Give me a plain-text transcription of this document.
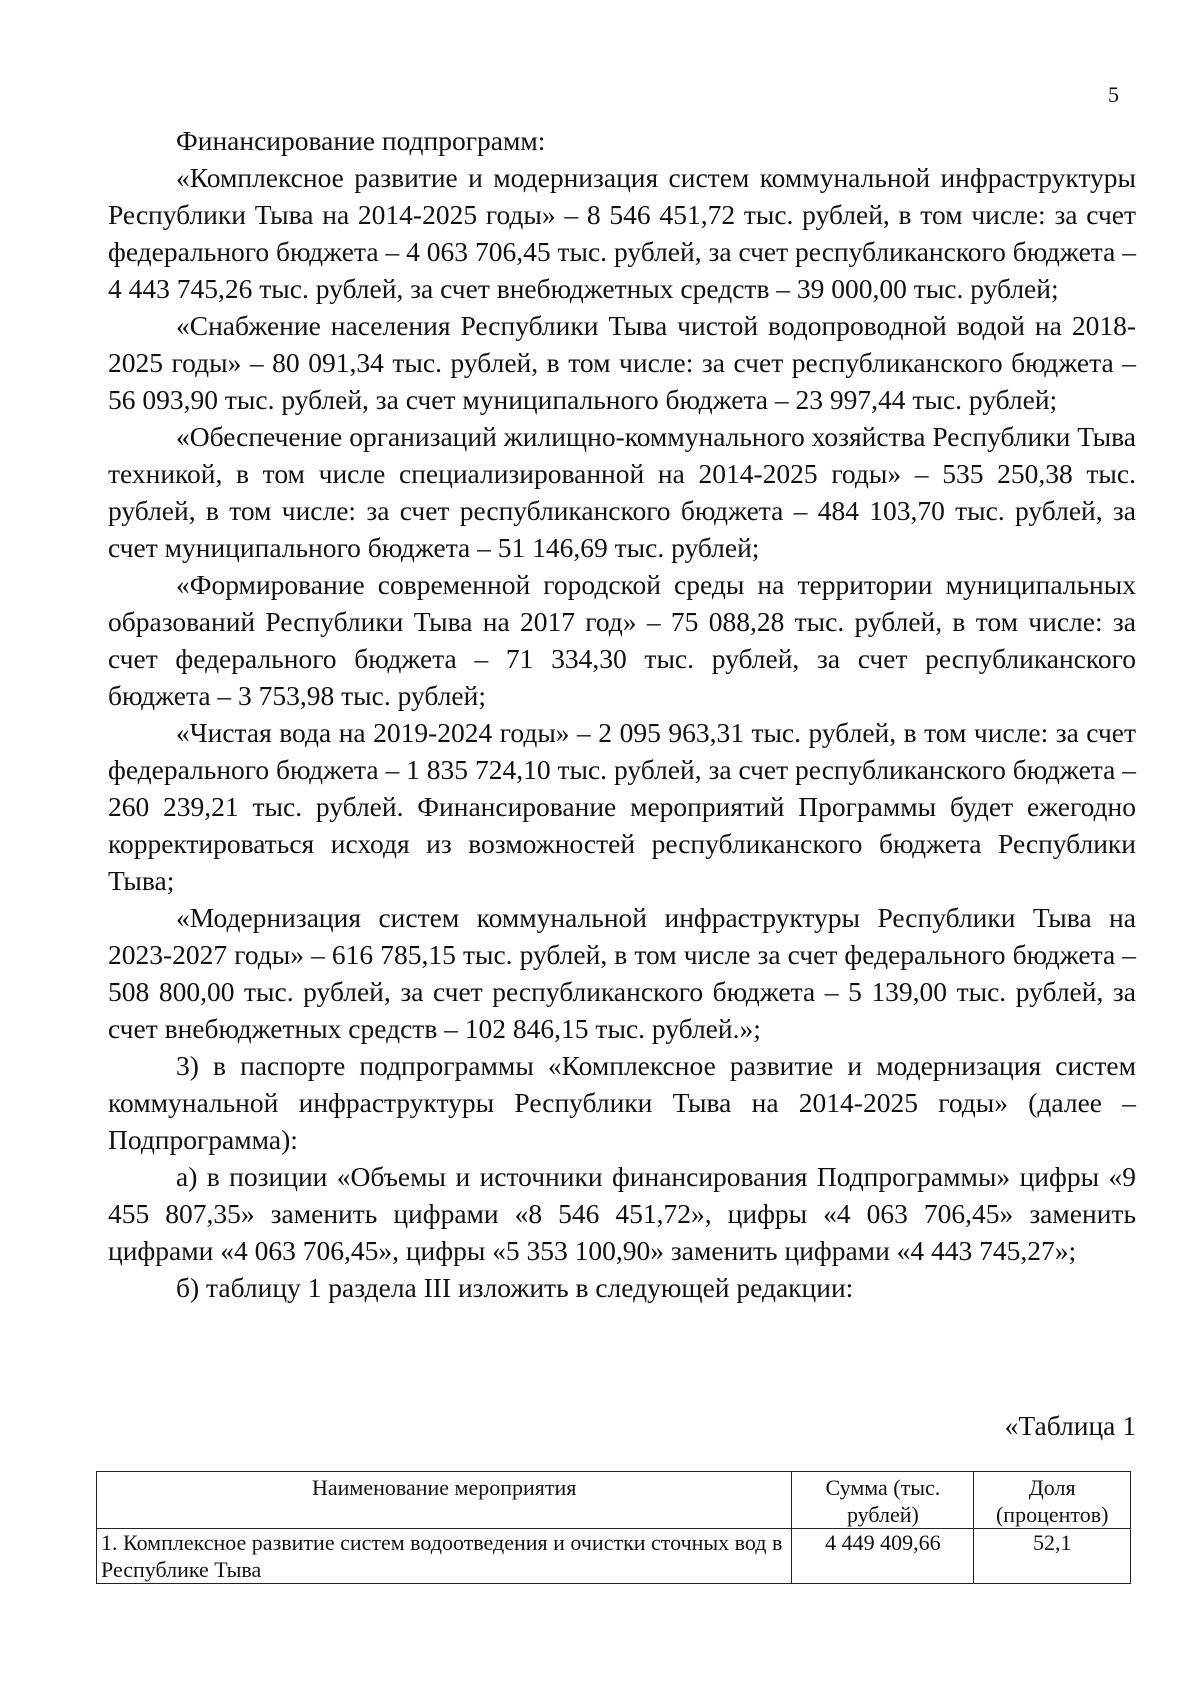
5

Финансирование подпрограмм:

«Комплексное развитие и модернизация систем коммунальной инфраструктуры Республики Тыва на 2014-2025 годы» – 8 546 451,72 тыс. рублей, в том числе: за счет федерального бюджета – 4 063 706,45 тыс. рублей, за счет республиканского бюджета – 4 443 745,26 тыс. рублей, за счет внебюджетных средств – 39 000,00 тыс. рублей;

«Снабжение населения Республики Тыва чистой водопроводной водой на 2018-2025 годы» – 80 091,34 тыс. рублей, в том числе: за счет республиканского бюджета – 56 093,90 тыс. рублей, за счет муниципального бюджета – 23 997,44 тыс. рублей;

«Обеспечение организаций жилищно-коммунального хозяйства Республики Тыва техникой, в том числе специализированной на 2014-2025 годы» – 535 250,38 тыс. рублей, в том числе: за счет республиканского бюджета – 484 103,70 тыс. рублей, за счет муниципального бюджета – 51 146,69 тыс. рублей;

«Формирование современной городской среды на территории муниципальных образований Республики Тыва на 2017 год» – 75 088,28 тыс. рублей, в том числе: за счет федерального бюджета – 71 334,30 тыс. рублей, за счет республиканского бюджета – 3 753,98 тыс. рублей;

«Чистая вода на 2019-2024 годы» – 2 095 963,31 тыс. рублей, в том числе: за счет федерального бюджета – 1 835 724,10 тыс. рублей, за счет республиканского бюджета – 260 239,21 тыс. рублей. Финансирование мероприятий Программы будет ежегодно корректироваться исходя из возможностей республиканского бюджета Республики Тыва;

«Модернизация систем коммунальной инфраструктуры Республики Тыва на 2023-2027 годы» – 616 785,15 тыс. рублей, в том числе за счет федерального бюджета – 508 800,00 тыс. рублей, за счет республиканского бюджета – 5 139,00 тыс. рублей, за счет внебюджетных средств – 102 846,15 тыс. рублей.»;

3) в паспорте подпрограммы «Комплексное развитие и модернизация систем коммунальной инфраструктуры Республики Тыва на 2014-2025 годы» (далее – Подпрограмма):

а) в позиции «Объемы и источники финансирования Подпрограммы» цифры «9 455 807,35» заменить цифрами «8 546 451,72», цифры «4 063 706,45» заменить цифрами «4 063 706,45», цифры «5 353 100,90» заменить цифрами «4 443 745,27»;

б) таблицу 1 раздела III изложить в следующей редакции:

«Таблица 1
Наименование мероприятия	Сумма (тыс. рублей)	Доля (процентов)
1. Комплексное развитие систем водоотведения и очистки сточных вод в Республике Тыва	4 449 409,66	52,1
